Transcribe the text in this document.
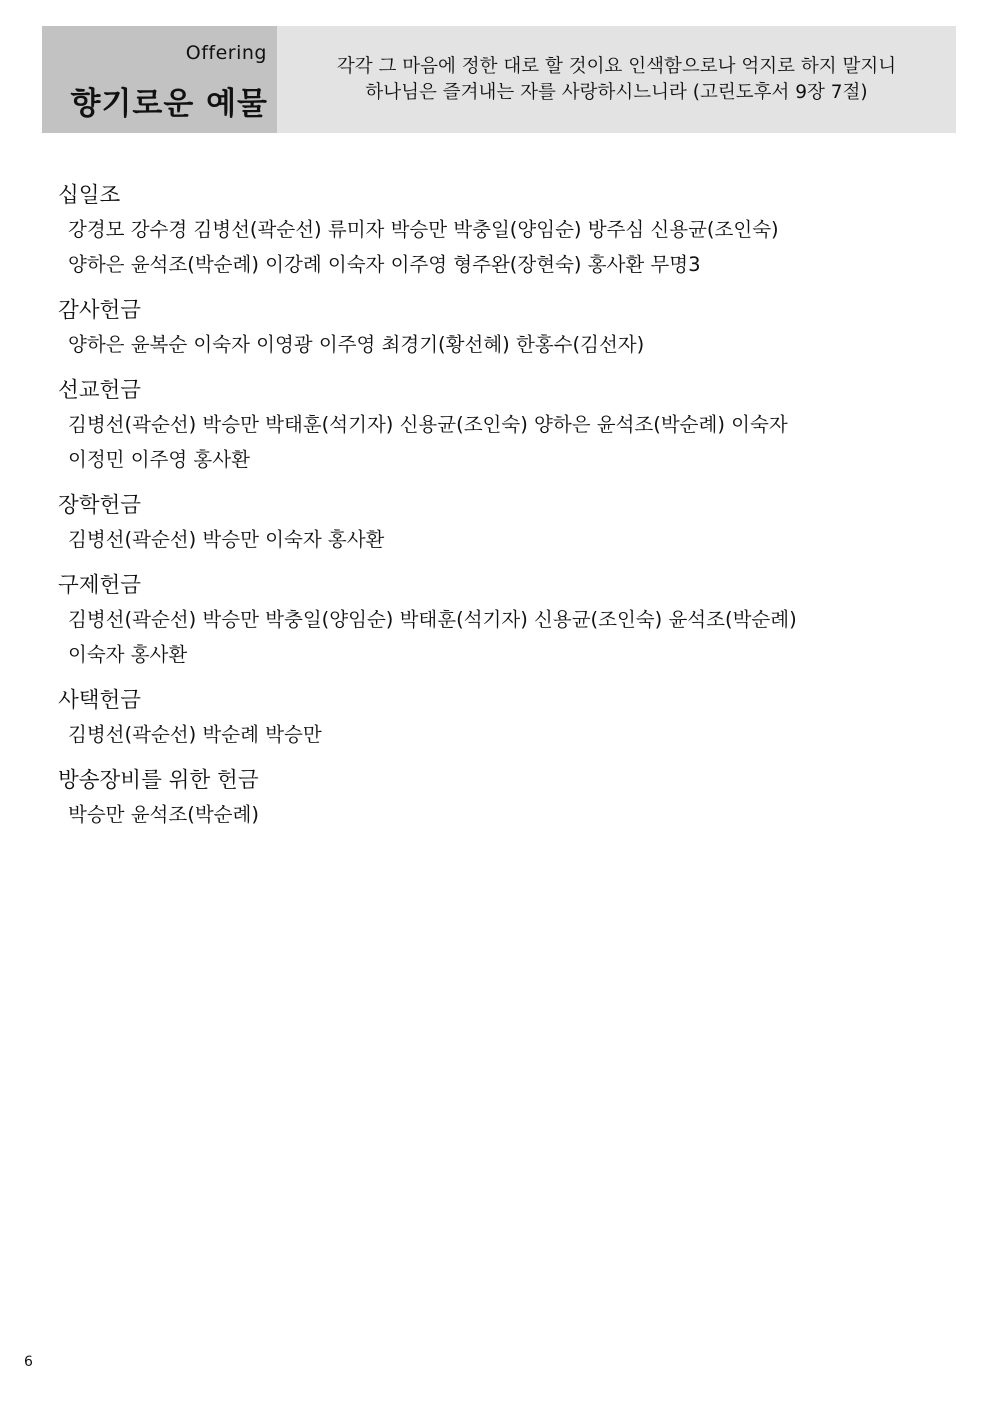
Offering
향기로운 예물
각각 그 마음에 정한 대로 할 것이요 인색함으로나 억지로 하지 말지니
하나님은 즐겨내는 자를 사랑하시느니라 (고린도후서 9장 7절)
십일조
강경모 강수경 김병선(곽순선) 류미자 박승만 박충일(양임순) 방주심 신용균(조인숙)
양하은 윤석조(박순례) 이강례 이숙자 이주영 형주완(장현숙) 홍사환 무명3
감사헌금
양하은 윤복순 이숙자 이영광 이주영 최경기(황선혜) 한홍수(김선자)
선교헌금
김병선(곽순선) 박승만 박태훈(석기자) 신용균(조인숙) 양하은 윤석조(박순례) 이숙자
이정민 이주영 홍사환
장학헌금
김병선(곽순선) 박승만 이숙자 홍사환
구제헌금
김병선(곽순선) 박승만 박충일(양임순) 박태훈(석기자) 신용균(조인숙) 윤석조(박순례)
이숙자 홍사환
사택헌금
김병선(곽순선) 박순례 박승만
방송장비를 위한 헌금
박승만 윤석조(박순례)
6
